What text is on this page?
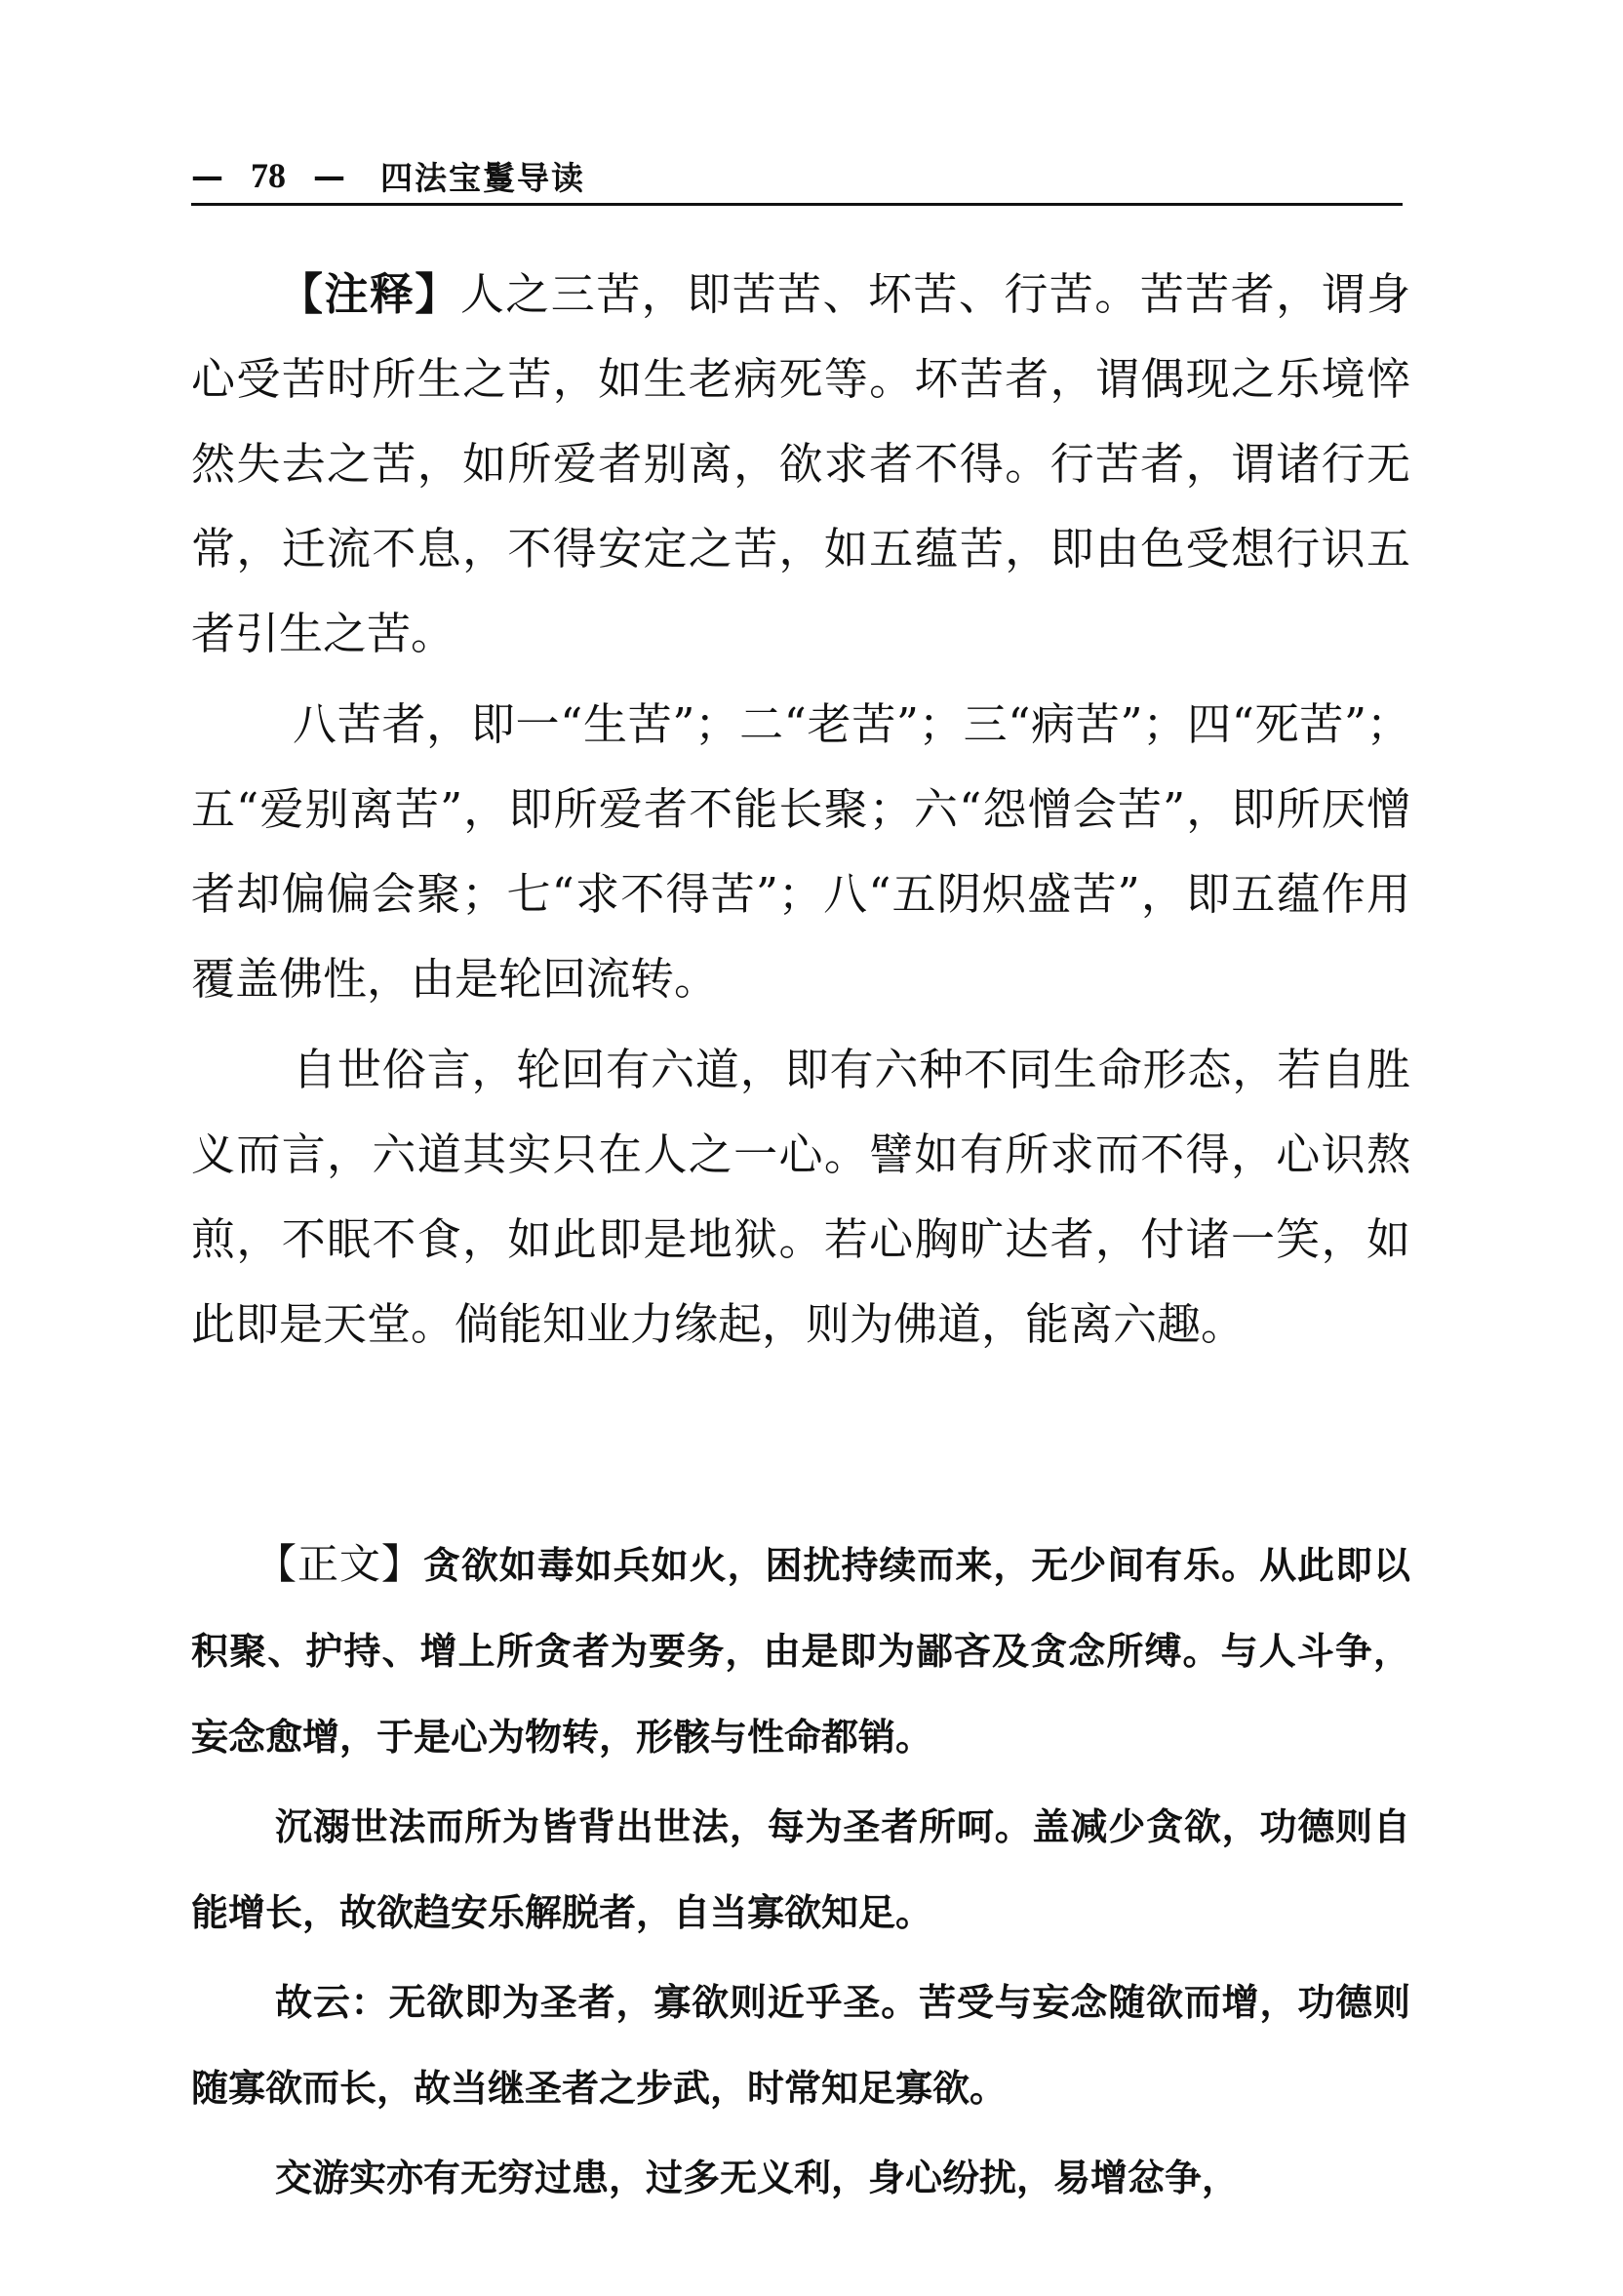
— 78 — 四法宝鬘导读

【注释】人之三苦，即苦苦、坏苦、行苦。苦苦者，谓身心受苦时所生之苦，如生老病死等。坏苦者，谓偶现之乐境悴然失去之苦，如所爱者别离，欲求者不得。行苦者，谓诸行无常，迁流不息，不得安定之苦，如五蕴苦，即由色受想行识五者引生之苦。

八苦者，即一“生苦”；二“老苦”；三“病苦”；四“死苦”；五“爱别离苦”，即所爱者不能长聚；六“怨憎会苦”，即所厌憎者却偏偏会聚；七“求不得苦”；八“五阴炽盛苦”，即五蕴作用覆盖佛性，由是轮回流转。

自世俗言，轮回有六道，即有六种不同生命形态，若自胜义而言，六道其实只在人之一心。譬如有所求而不得，心识熬煎，不眠不食，如此即是地狱。若心胸旷达者，付诸一笑，如此即是天堂。倘能知业力缘起，则为佛道，能离六趣。

【正文】贪欲如毒如兵如火，困扰持续而来，无少间有乐。从此即以积聚、护持、增上所贪者为要务，由是即为鄙吝及贪念所缚。与人斗争，妄念愈增，于是心为物转，形骸与性命都销。

沉溺世法而所为皆背出世法，每为圣者所呵。盖减少贪欲，功德则自能增长，故欲趋安乐解脱者，自当寡欲知足。

故云：无欲即为圣者，寡欲则近乎圣。苦受与妄念随欲而增，功德则随寡欲而长，故当继圣者之步武，时常知足寡欲。

交游实亦有无穷过患，过多无义利，身心纷扰，易增忿争，
